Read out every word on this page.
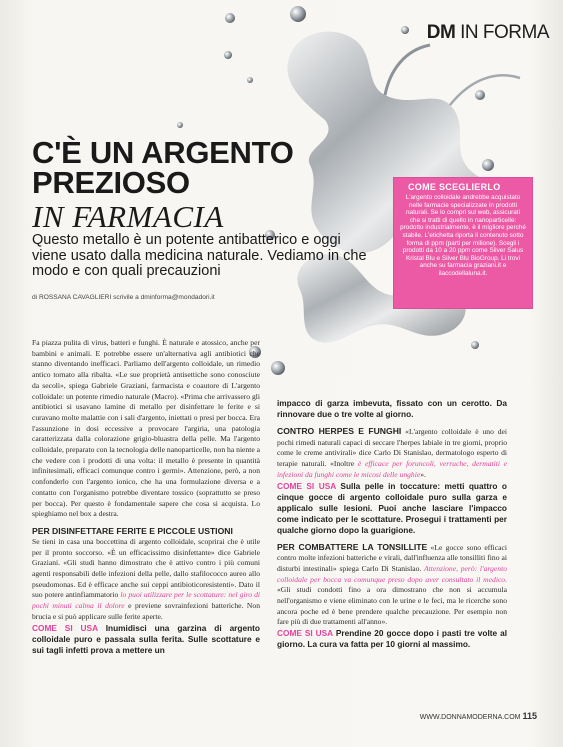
DM IN FORMA
C'È UN ARGENTO
PREZIOSO
IN FARMACIA
Questo metallo è un potente antibatterico e oggi viene usato dalla medicina naturale. Vediamo in che modo e con quali precauzioni
di ROSSANA CAVAGLIERI scrivile a dminforma@mondadori.it
COME SCEGLIERLO
L'argento colloidale andrebbe acquistato nelle farmacie specializzate in prodotti naturali. Se lo compri sul web, assicurati che si tratti di quello in nanoparticelle: prodotto industrialmente, è il migliore perché stabile. L'etichetta riporta il contenuto sotto forma di ppm (parti per milione). Scegli i prodotti da 10 a 20 ppm come Silver Salus Kristal Blu e Silver Blu BioGroup. Li trovi anche su farmacia graziani.it e ilaccodellaluna.it.

Fa piazza pulita di virus, batteri e funghi. È naturale e atossico, anche per bambini e animali. E potrebbe essere un'alternativa agli antibiotici che stanno diventando inefficaci. Parliamo dell'argento colloidale, un rimedio antico tornato alla ribalta. «Le sue proprietà antisettiche sono conosciute da secoli», spiega Gabriele Graziani, farmacista e coautore di L'argento colloidale: un potente rimedio naturale (Macro). «Prima che arrivassero gli antibiotici si usavano lamine di metallo per disinfettare le ferite e si curavano molte malattie con i sali d'argento, iniettati o presi per bocca. Era l'assunzione in dosi eccessive a provocare l'argiria, una patologia caratterizzata dalla colorazione grigio-bluastra della pelle. Ma l'argento colloidale, preparato con la tecnologia delle nanoparticelle, non ha niente a che vedere con i prodotti di una volta: il metallo è presente in quantità infinitesimali, efficaci comunque contro i germi». Attenzione, però, a non confonderlo con l'argento ionico, che ha una formulazione diversa e a contatto con l'organismo potrebbe diventare tossico (soprattutto se preso per bocca). Per questo è fondamentale sapere che cosa si acquista. Lo spieghiamo nel box a destra.

PER DISINFETTARE FERITE E PICCOLE USTIONI

Se tieni in casa una boccettina di argento colloidale, scoprirai che è utile per il pronto soccorso. «È un efficacissimo disinfettante» dice Gabriele Graziani. «Gli studi hanno dimostrato che è attivo contro i più comuni agenti responsabili delle infezioni della pelle, dallo stafilococco aureo allo pseudomonas. Ed è efficace anche sui ceppi antibioticoresistenti». Dato il suo potere antinfiammatorio lo puoi utilizzare per le scottature: nel giro di pochi minuti calma il dolore e previene sovrainfezioni batteriche. Non brucia e si può applicare sulle ferite aperte.

COME SI USA Inumidisci una garzina di argento colloidale puro e passala sulla ferita. Sulle scottature e sui tagli infetti prova a mettere un

impacco di garza imbevuta, fissato con un cerotto. Da rinnovare due o tre volte al giorno.

CONTRO HERPES E FUNGHI «L'argento colloidale è uno dei pochi rimedi naturali capaci di seccare l'herpes labiale in tre giorni, proprio come le creme antivirali» dice Carlo Di Stanislao, dermatologo esperto di terapie naturali. «Inoltre è efficace per foruncoli, verruche, dermatiti e infezioni da funghi come le micosi delle unghie».

COME SI USA Sulla pelle in toccature: metti quattro o cinque gocce di argento colloidale puro sulla garza e applicalo sulle lesioni. Puoi anche lasciare l'impacco come indicato per le scottature. Prosegui i trattamenti per qualche giorno dopo la guarigione.

PER COMBATTERE LA TONSILLITE «Le gocce sono efficaci contro molte infezioni batteriche e virali, dall'influenza alle tonsilliti fino ai disturbi intestinali» spiega Carlo Di Stanislao. Attenzione, però: l'argento colloidale per bocca va comunque preso dopo aver consultato il medico. «Gli studi condotti fino a ora dimostrano che non si accumula nell'organismo e viene eliminato con le urine e le feci, ma le ricerche sono ancora poche ed è bene prendere qualche precauzione. Per esempio non fare più di due trattamenti all'anno».

COME SI USA Prendine 20 gocce dopo i pasti tre volte al giorno. La cura va fatta per 10 giorni al massimo.

WWW.DONNAMODERNA.COM 115
